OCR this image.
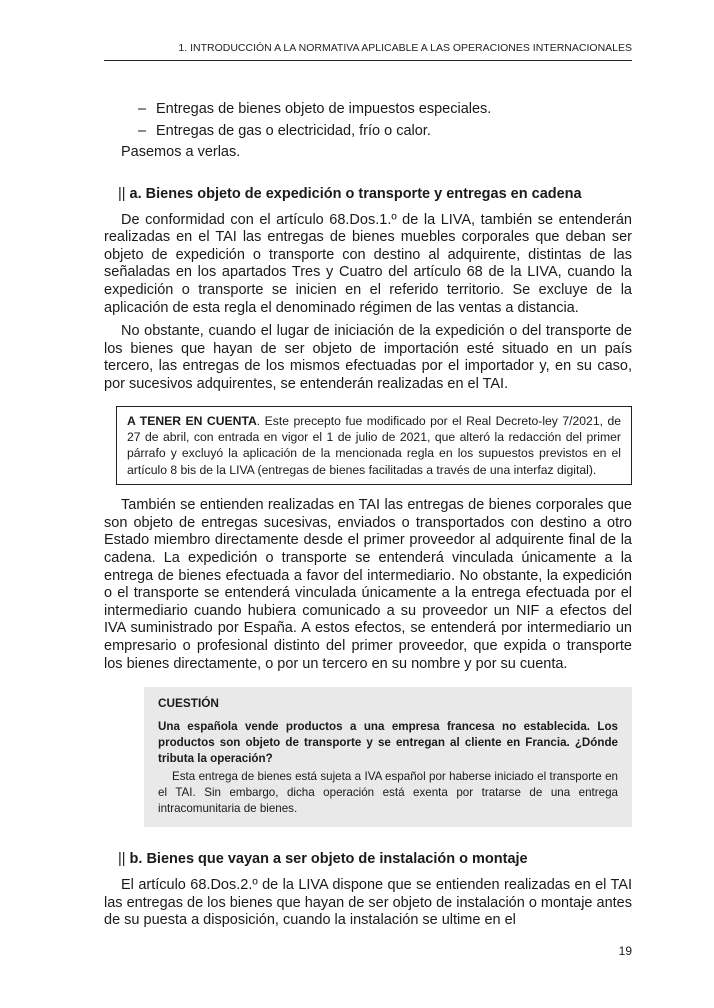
1. INTRODUCCIÓN A LA NORMATIVA APLICABLE A LAS OPERACIONES INTERNACIONALES
– Entregas de bienes objeto de impuestos especiales.
– Entregas de gas o electricidad, frío o calor.

Pasemos a verlas.

|| a. Bienes objeto de expedición o transporte y entregas en cadena

De conformidad con el artículo 68.Dos.1.º de la LIVA, también se entenderán realizadas en el TAI las entregas de bienes muebles corporales que deban ser objeto de expedición o transporte con destino al adquirente, distintas de las señaladas en los apartados Tres y Cuatro del artículo 68 de la LIVA, cuando la expedición o transporte se inicien en el referido territorio. Se excluye de la aplicación de esta regla el denominado régimen de las ventas a distancia.

No obstante, cuando el lugar de iniciación de la expedición o del transporte de los bienes que hayan de ser objeto de importación esté situado en un país tercero, las entregas de los mismos efectuadas por el importador y, en su caso, por sucesivos adquirentes, se entenderán realizadas en el TAI.

A TENER EN CUENTA. Este precepto fue modificado por el Real Decreto-ley 7/2021, de 27 de abril, con entrada en vigor el 1 de julio de 2021, que alteró la redacción del primer párrafo y excluyó la aplicación de la mencionada regla en los supuestos previstos en el artículo 8 bis de la LIVA (entregas de bienes facilitadas a través de una interfaz digital).

También se entienden realizadas en TAI las entregas de bienes corporales que son objeto de entregas sucesivas, enviados o transportados con destino a otro Estado miembro directamente desde el primer proveedor al adquirente final de la cadena. La expedición o transporte se entenderá vinculada únicamente a la entrega de bienes efectuada a favor del intermediario. No obstante, la expedición o el transporte se entenderá vinculada únicamente a la entrega efectuada por el intermediario cuando hubiera comunicado a su proveedor un NIF a efectos del IVA suministrado por España. A estos efectos, se entenderá por intermediario un empresario o profesional distinto del primer proveedor, que expida o transporte los bienes directamente, o por un tercero en su nombre y por su cuenta.

CUESTIÓN
Una española vende productos a una empresa francesa no establecida. Los productos son objeto de transporte y se entregan al cliente en Francia. ¿Dónde tributa la operación?
Esta entrega de bienes está sujeta a IVA español por haberse iniciado el transporte en el TAI. Sin embargo, dicha operación está exenta por tratarse de una entrega intracomunitaria de bienes.
|| b. Bienes que vayan a ser objeto de instalación o montaje

El artículo 68.Dos.2.º de la LIVA dispone que se entienden realizadas en el TAI las entregas de los bienes que hayan de ser objeto de instalación o montaje antes de su puesta a disposición, cuando la instalación se ultime en el

19
